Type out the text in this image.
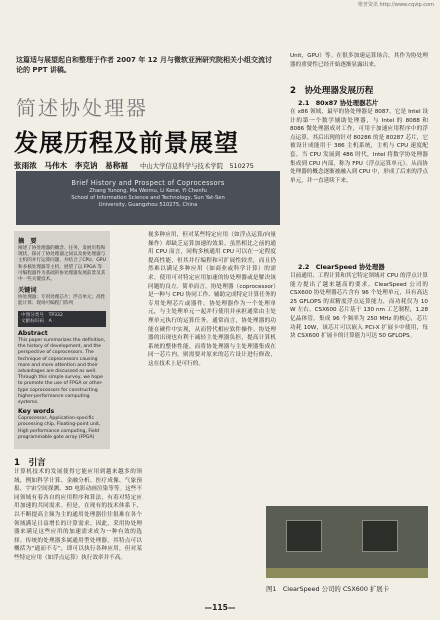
维普资讯 http://www.cqvip.com
这篇适与展望起自和整理于作者 2007 年 12 月与微软亚洲研究院相关小组交流讨论的 PPT 讲稿。
简述协处理器
发展历程及前景展望
张雨浓　马伟木　李克讷　易称福 中山大学信息科学与技术学院　510275
Brief History and Prospect of Coprocessors
Zhang Yunong, Ma Weimu, Li Kene, Yi Chenfu
School of Information Science and Technology, Sun Yat-Sen
University, Guangzhou 510275, China
摘　要
阐述了协处理器的概念、任务、发展历程和现状，探讨了协处理器之间以及协处理器与主机的并行运算问题，并结合了CPU、GPU和多核处理器等主机，展望了以 FPGA 等可编程器件为基础的协处理器发展前景及其中一些关键技术。
关键词
协处理器；专用处理芯片；浮点单元；高性能计算；现场可编程门阵列
中图分类号　TP332
文献标识码　A
Abstract
This paper summarizes the definition, the history of development, and the perspective of coprocessors. The technique of coprocessors causing more and more attention and their advantages are discussed as well. Through this simple survey, we hope to promote the use of FPGA or other-type coprocessors for constructing higher-performance computing systems.
Key words
Coprocessor, Application-specific processing chip, Floating-point unit, High performance computing, Field programmable gate array (FPGA)
1　引言
计算机技术的发展使得它能应用到越来越多的领域，例如科学计算、金融分析、医疗成像、气象预报、宇宙空间探测、3D 电影动画渲染等等。这些不同领域有着各自的应用程序和算法，有着对特定应用加速的共同需求。但是，在现有的技术体系下，以不断提高主频为主的通用处理器往往很难在各个领域满足日益增长的计算需求。因此，采用协处理器来满足这些应用的加速需求成为一种有效的选择。传统的处理器多属通用型处理器，其特点可以概括为“通而不专”，即可以执行各种应用，但对某些特定应用（如浮点运算）执行效率并不高。
视多种应用，但对某些特定应用（如浮点运算/向量操作）却缺乏运算加速的效果。虽然相比之前的通用 CPU 而言，同构多核通用 CPU 可以在一定程度提高性能，但其并行编程和可扩展性较差，而且仍然难以满足多种应用（如商业或科学计算）的需求。使用可对特定应用加速的协处理器或是解决该问题的良方。简单而言，协处理器（coprocessor）是一种与 CPU 协同工作、辅助完成特定计算任务的专用处理芯片或器件。协处理器作为一个处理单元，与主处理单元一起并行使用并承担通常由主处理单元执行的运算任务。通常而言，协处理器的功能在硬件中实现，从而替代相应软件操作。协处理器的出现也有利于减轻主处理器负担，提高计算机系统的整体性能。而将协处理器与主处理器集成在同一芯片内，则需要对原来的芯片设计进行修改，这在技术上是可行的。
Unit，GPU）等。在很多加速运算场合，其作为协处理器的重要性已经开始逐渐显露出来。
2　协处理器发展历程
2.1　80x87 协处理器芯片
在 x86 领域，最早的协处理器是 8087，它是 Intel 设计的第一个数学辅助处理器，与 Intel 的 8088 和 8086 微处理器成对工作，可用于加速应用程序中的浮点运算。其后出现的针对 80286 的是 80287 芯片，它被设计成能用于 386 主机系统，主机与 CPU 速度配套。当 CPU 发展到 486 时代，Intel 将数学协处理器集成到 CPU 内部，称为 FPU（浮点运算单元）。从而协处理器的概念逐渐被融入到 CPU 中，形成了后来的浮点单元，并一直延续下来。
2.2　ClearSpeed 协处理器
目前通用、工程计算和其它特定领域对 CPU 的浮点计算能力提出了越来越高的要求。ClearSpeed 公司的 CSX600 协处理器芯片含有 96 个处理单元，具有高达 25 GFLOPS 的双精度浮点运算能力，而功耗仅为 10 W 左右。CSX600 芯片基于 130 nm 工艺制程，1.28 亿晶体管。集成 96 个频率为 250 MHz 的核心，芯片功耗 10W，该芯片可以嵌入 PCI-X 扩展卡中使用，每块 CSX600 扩展卡的计算能力可达 50 GFLOPS。
图1　ClearSpeed 公司的 CSX600 扩展卡
—115—
